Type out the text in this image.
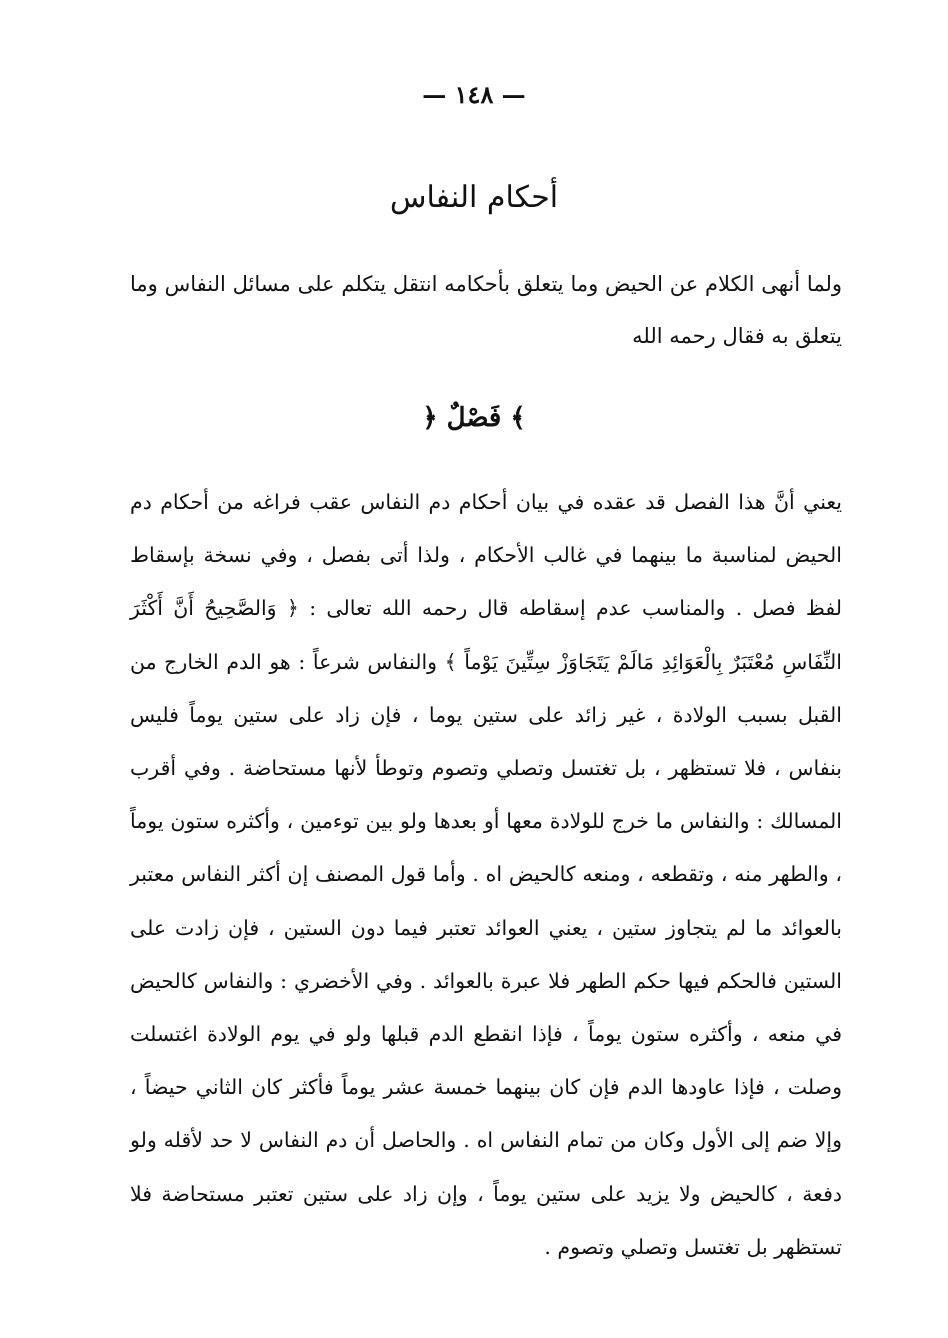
— ١٤٨ —
أحكام النفاس
ولما أنهى الكلام عن الحيض وما يتعلق بأحكامه انتقل يتكلم على مسائل النفاس وما يتعلق به فقال رحمه الله
﴿ فَصْلٌ ﴾

يعني أنَّ هذا الفصل قد عقده في بيان أحكام دم النفاس عقب فراغه من أحكام دم الحيض لمناسبة ما بينهما في غالب الأحكام ، ولذا أتى بفصل ، وفي نسخة بإسقاط لفظ فصل . والمناسب عدم إسقاطه قال رحمه الله تعالى : ﴿ وَالصَّحِيحُ أَنَّ أَكْثَرَ النِّفَاسِ مُعْتَبَرٌ بِالْعَوَائِدِ مَالَمْ يَتَجَاوَزْ سِتِّينَ يَوْماً ﴾ والنفاس شرعاً : هو الدم الخارج من القبل بسبب الولادة ، غير زائد على ستين يوما ، فإن زاد على ستين يوماً فليس بنفاس ، فلا تستظهر ، بل تغتسل وتصلي وتصوم وتوطأ لأنها مستحاضة . وفي أقرب المسالك : والنفاس ما خرج للولادة معها أو بعدها ولو بين توءمين ، وأكثره ستون يوماً ، والطهر منه ، وتقطعه ، ومنعه كالحيض اه . وأما قول المصنف إن أكثر النفاس معتبر بالعوائد ما لم يتجاوز ستين ، يعني العوائد تعتبر فيما دون الستين ، فإن زادت على الستين فالحكم فيها حكم الطهر فلا عبرة بالعوائد . وفي الأخضري : والنفاس كالحيض في منعه ، وأكثره ستون يوماً ، فإذا انقطع الدم قبلها ولو في يوم الولادة اغتسلت وصلت ، فإذا عاودها الدم فإن كان بينهما خمسة عشر يوماً فأكثر كان الثاني حيضاً ، وإلا ضم إلى الأول وكان من تمام النفاس اه . والحاصل أن دم النفاس لا حد لأقله ولو دفعة ، كالحيض ولا يزيد على ستين يوماً ، وإن زاد على ستين تعتبر مستحاضة فلا تستظهر بل تغتسل وتصلي وتصوم .
